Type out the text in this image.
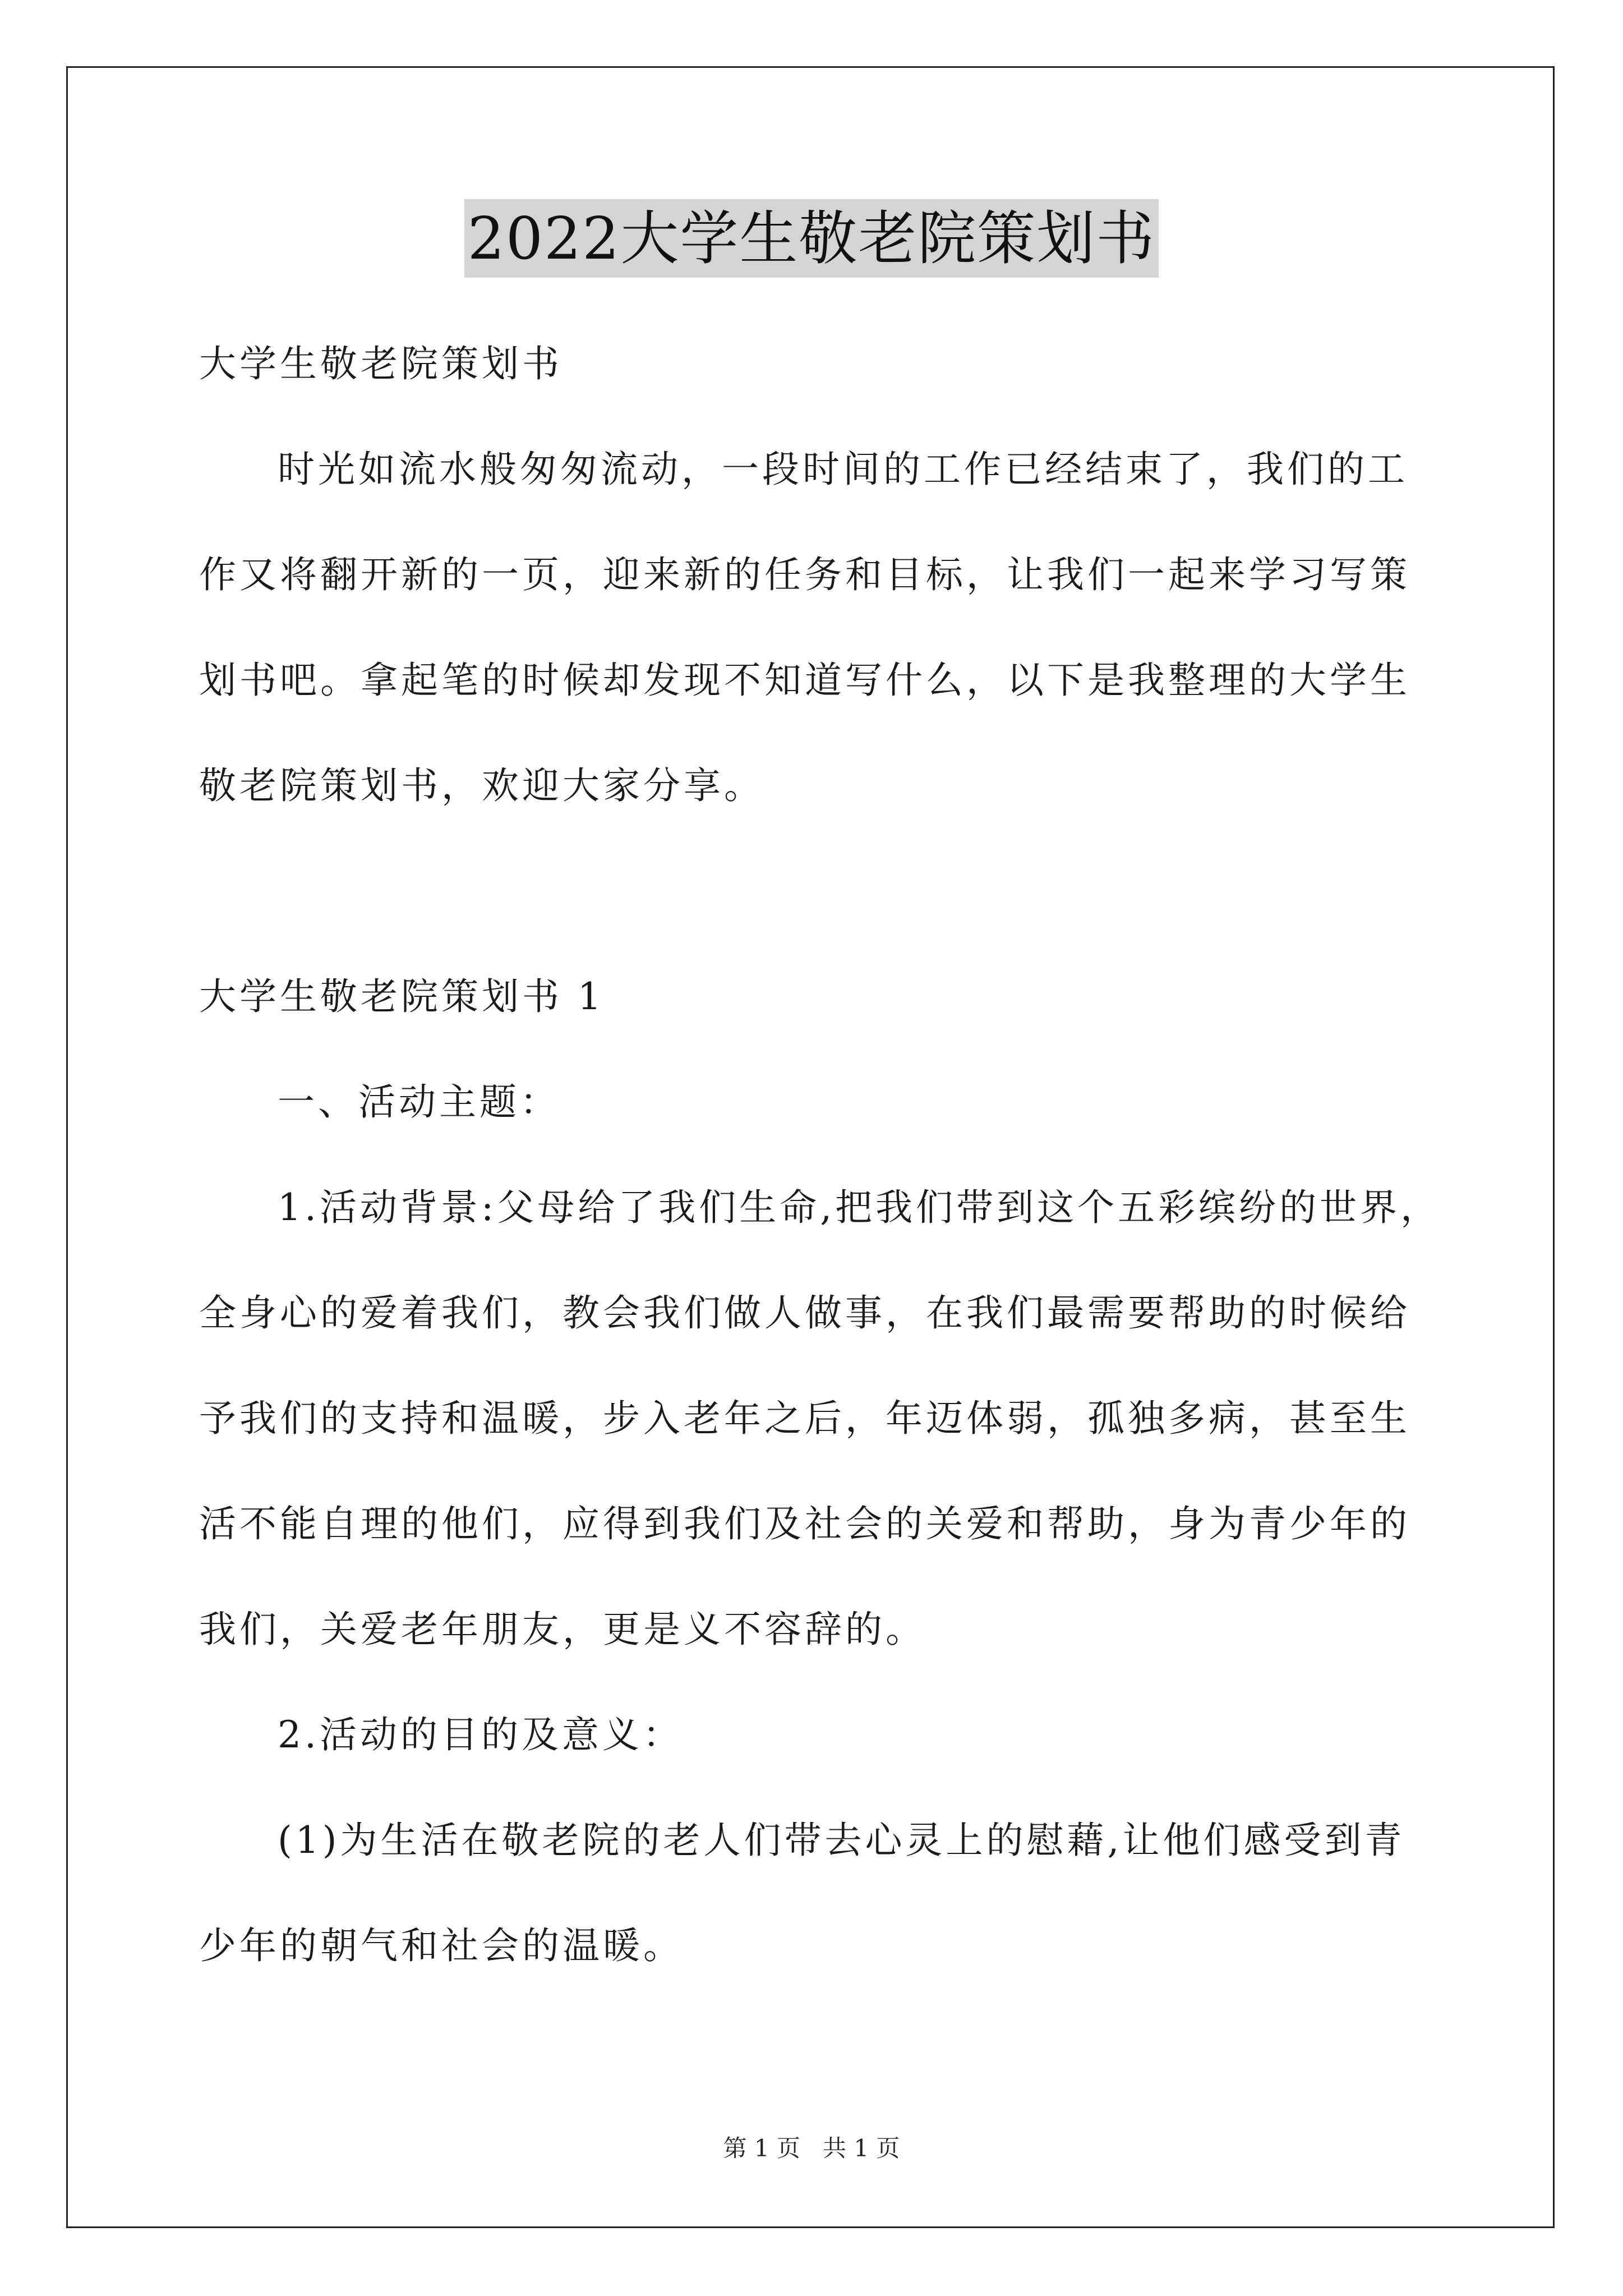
2022大学生敬老院策划书
大学生敬老院策划书
时光如流水般匆匆流动，一段时间的工作已经结束了，我们的工
作又将翻开新的一页，迎来新的任务和目标，让我们一起来学习写策
划书吧。拿起笔的时候却发现不知道写什么，以下是我整理的大学生
敬老院策划书，欢迎大家分享。
大学生敬老院策划书 1
一、活动主题：
1.活动背景:父母给了我们生命,把我们带到这个五彩缤纷的世界，
全身心的爱着我们，教会我们做人做事，在我们最需要帮助的时候给
予我们的支持和温暖，步入老年之后，年迈体弱，孤独多病，甚至生
活不能自理的他们，应得到我们及社会的关爱和帮助，身为青少年的
我们，关爱老年朋友，更是义不容辞的。
2.活动的目的及意义：
(1)为生活在敬老院的老人们带去心灵上的慰藉,让他们感受到青
少年的朝气和社会的温暖。
第 1 页 共 1 页
